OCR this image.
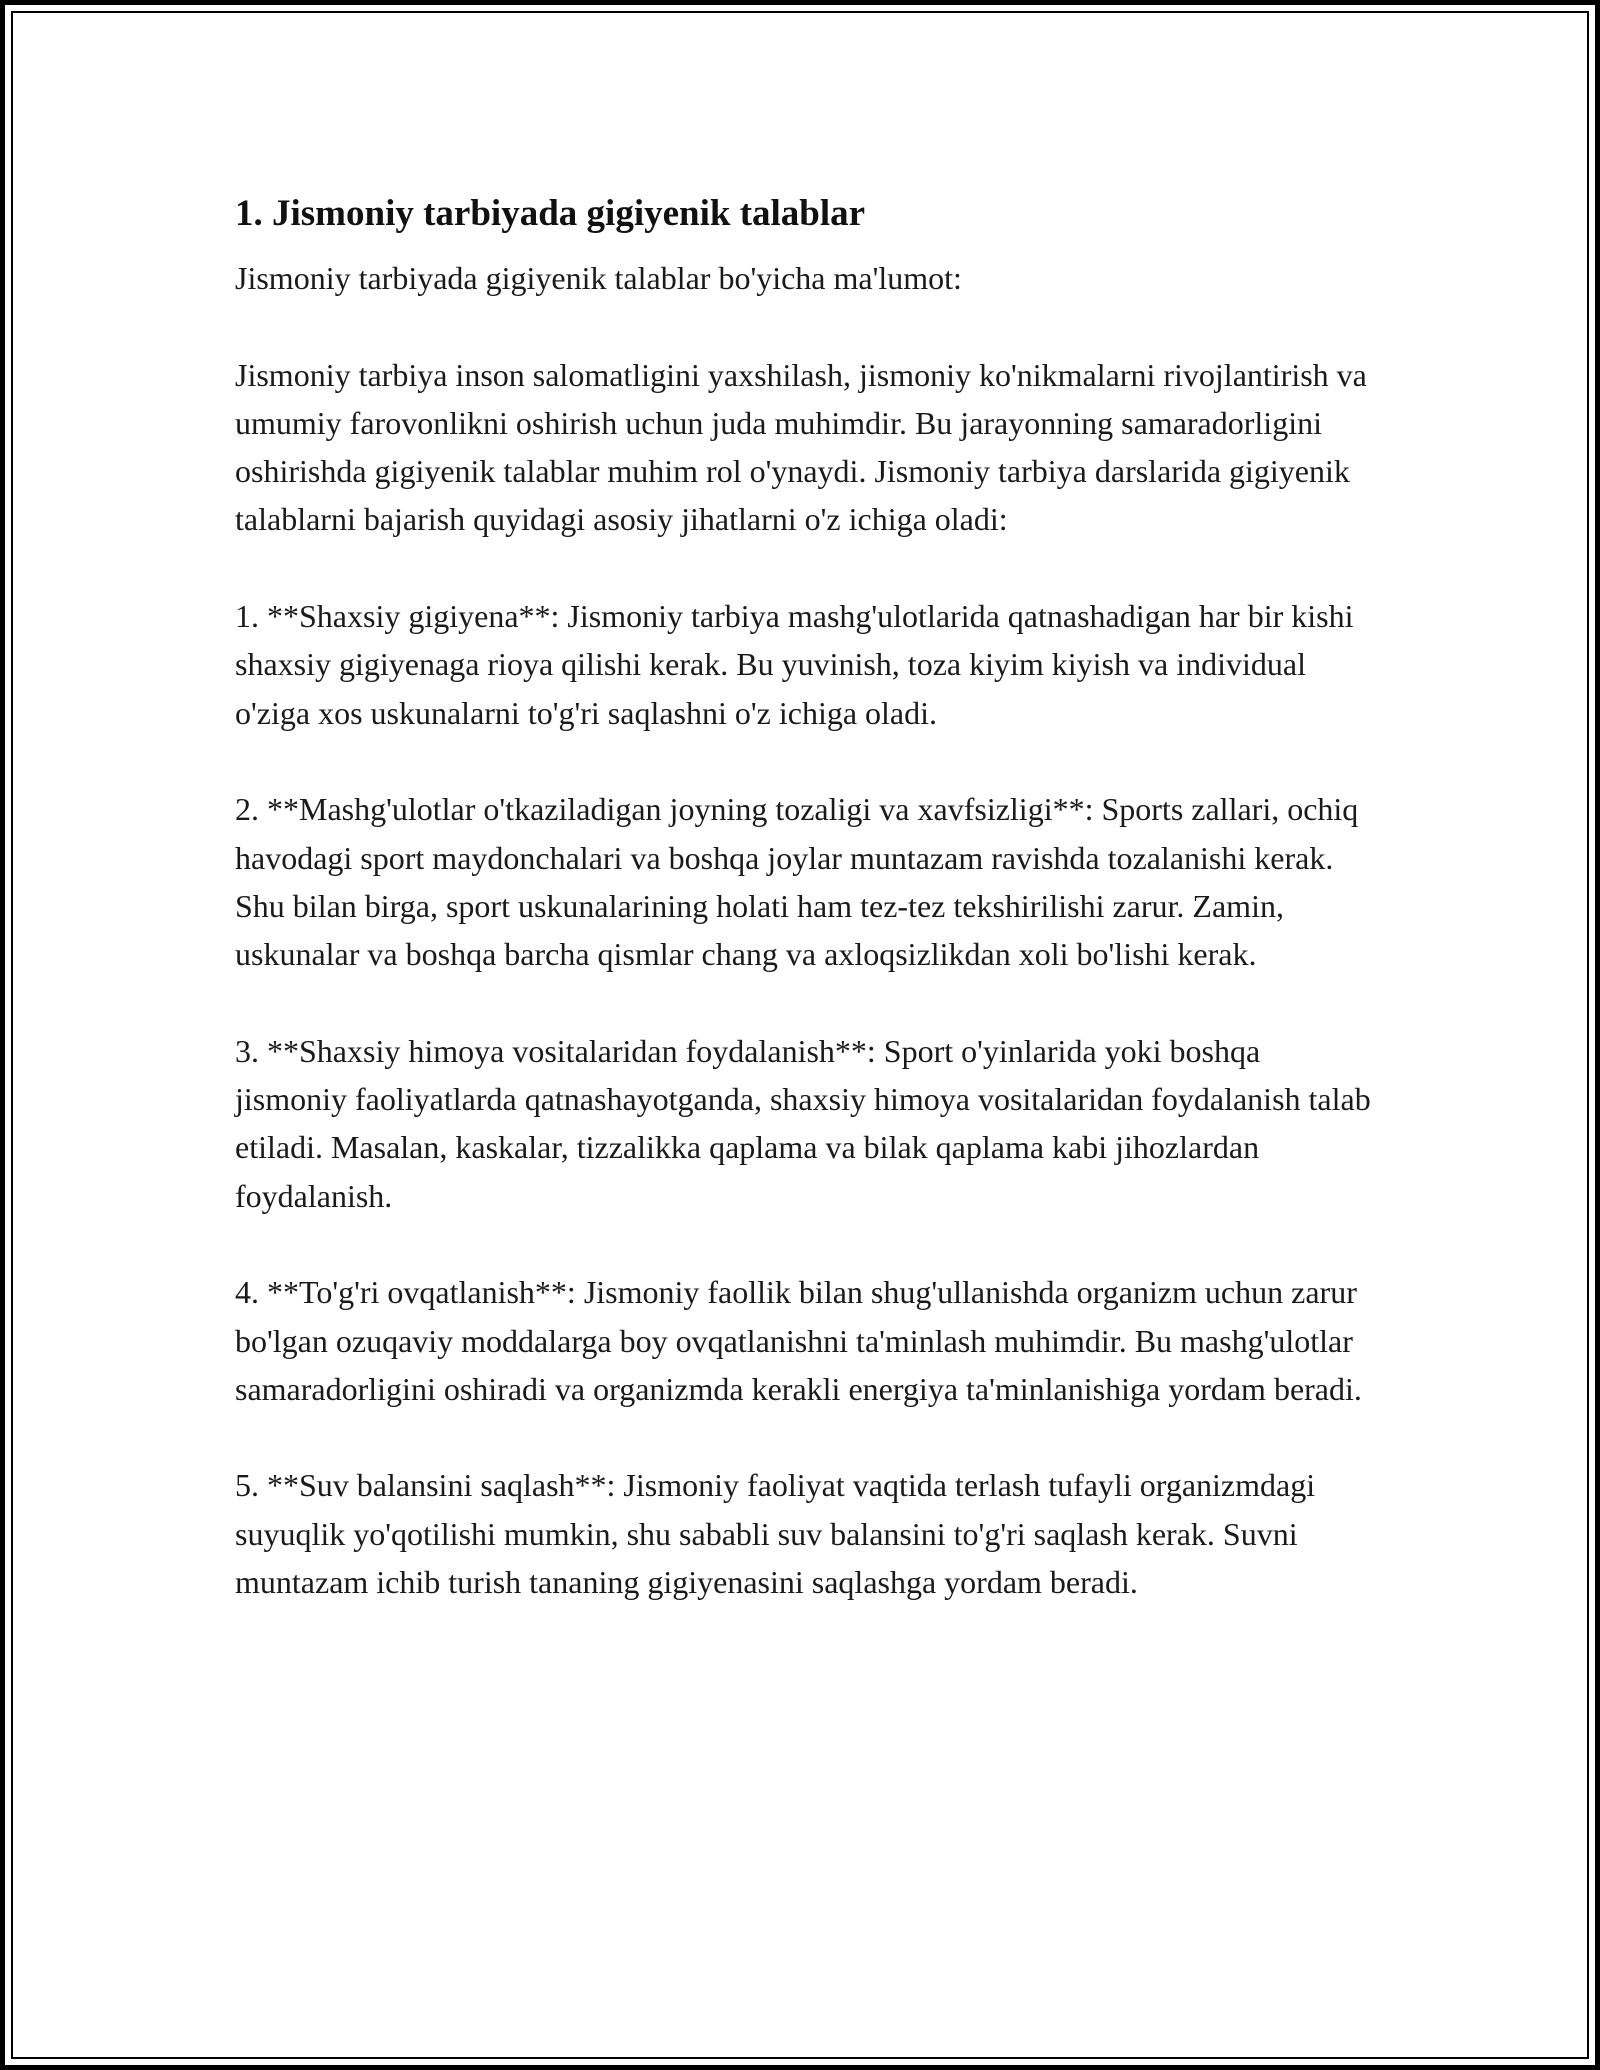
1. Jismoniy tarbiyada gigiyenik talablar

Jismoniy tarbiyada gigiyenik talablar bo'yicha ma'lumot:

Jismoniy tarbiya inson salomatligini yaxshilash, jismoniy ko'nikmalarni rivojlantirish va umumiy farovonlikni oshirish uchun juda muhimdir. Bu jarayonning samaradorligini oshirishda gigiyenik talablar muhim rol o'ynaydi. Jismoniy tarbiya darslarida gigiyenik talablarni bajarish quyidagi asosiy jihatlarni o'z ichiga oladi:

1. **Shaxsiy gigiyena**: Jismoniy tarbiya mashg'ulotlarida qatnashadigan har bir kishi shaxsiy gigiyenaga rioya qilishi kerak. Bu yuvinish, toza kiyim kiyish va individual o'ziga xos uskunalarni to'g'ri saqlashni o'z ichiga oladi.

2. **Mashg'ulotlar o'tkaziladigan joyning tozaligi va xavfsizligi**: Sports zallari, ochiq havodagi sport maydonchalari va boshqa joylar muntazam ravishda tozalanishi kerak. Shu bilan birga, sport uskunalarining holati ham tez-tez tekshirilishi zarur. Zamin, uskunalar va boshqa barcha qismlar chang va axloqsizlikdan xoli bo'lishi kerak.

3. **Shaxsiy himoya vositalaridan foydalanish**: Sport o'yinlarida yoki boshqa jismoniy faoliyatlarda qatnashayotganda, shaxsiy himoya vositalaridan foydalanish talab etiladi. Masalan, kaskalar, tizzalikka qaplama va bilak qaplama kabi jihozlardan foydalanish.

4. **To'g'ri ovqatlanish**: Jismoniy faollik bilan shug'ullanishda organizm uchun zarur bo'lgan ozuqaviy moddalarga boy ovqatlanishni ta'minlash muhimdir. Bu mashg'ulotlar samaradorligini oshiradi va organizmda kerakli energiya ta'minlanishiga yordam beradi.

5. **Suv balansini saqlash**: Jismoniy faoliyat vaqtida terlash tufayli organizmdagi suyuqlik yo'qotilishi mumkin, shu sababli suv balansini to'g'ri saqlash kerak. Suvni muntazam ichib turish tananing gigiyenasini saqlashga yordam beradi.
